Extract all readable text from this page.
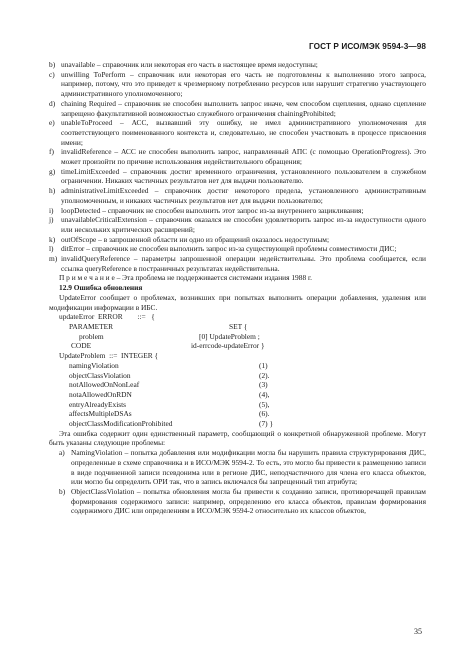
ГОСТ Р ИСО/МЭК 9594-3—98
b) unavailable – справочник или некоторая его часть в настоящее время недоступны;
c) unwilling ToPerform – справочник или некоторая его часть не подготовлены к выполнению этого запроса, например, потому, что это приведет к чрезмерному потреблению ресурсов или нарушит стратегию участвующего административного уполномоченного;
d) chaining Required – справочник не способен выполнить запрос иначе, чем способом сцепления, однако сцепление запрещено факультативной возможностью служебного ограничения chainingProhibited;
e) unableToProceed – АСС, вызвавший эту ошибку, не имел административного уполномочения для соответствующего поименованного контекста и, следовательно, не способен участвовать в процессе присвоения имени;
f) invalidReference – АСС не способен выполнить запрос, направленный АПС (с помощью OperationProgress). Это может произойти по причине использования недействительного обращения;
g) timeLimitExceeded – справочник достиг временного ограничения, установленного пользователем в служебном ограничении. Никаких частичных результатов нет для выдачи пользователю.
h) administrativeLimitExceeded – справочник достиг некоторого предела, установленного административным уполномоченным, и никаких частичных результатов нет для выдачи пользователю;
i)	loopDetected – справочник не способен выполнить этот запрос из-за внутреннего зацикливания;
j)	unavailableCriticalExtension – справочник оказался не способен удовлетворить запрос из-за недоступности одного или нескольких критических расширений;
k) outOfScope – в запрошенной области ни одно из обращений оказалось недоступным;
l)	ditError – справочник не способен выполнить запрос из-за существующей проблемы совместимости ДИС;
m) invalidQueryReference – параметры запрошенной операции недействительны. Это проблема сообщается, если ссылка queryReference в постраничных результатах недействительна.
П р и м е ч а н и е – Эта проблема не поддерживается системами издания 1988 г.
12.9 Ошибка обновления
UpdateError сообщает о проблемах, возникших при попытках выполнить операции добавления, удаления или модификации информации в ИБС.
updateError  ERROR        ::=   {
PARAMETER	SET {
problem	[0] UpdateProblem ;
CODE	id-errcode-updateError }
UpdateProblem  ::=  INTEGER {
namingViolation	(1)
objectClassViolation	(2).
notAllowedOnNonLeaf	(3)
notaAllowedOnRDN	(4),
entryAlreadyExists	(5),
affectsMultipleDSAs	(6).
objectClassModificationProhibited	(7) }
Эта ошибка содержит один единственный параметр, сообщающий о конкретной обнаруженной проблеме. Могут быть указаны следующие проблемы:
a) NamingViolation – попытка добавления или модификации могла бы нарушить правила структурирования ДИС, определенные в схеме справочника и в ИСО/МЭК 9594-2. То есть, это могло бы привести к размещению записи в виде подчиненной записи псевдонима или в регионе ДИС, неподчастичного для члена его класса объектов, или могло бы определить ОРИ так, что в запись включался бы запрещенный тип атрибута;
b) ObjectClassViolation – попытка обновления могла бы привести к созданию записи, противоречащей правилам формирования содержимого записи: например, определению его класса объектов, правилам формирования содержимого ДИС или определениям в ИСО/МЭК 9594-2 относительно их классов объектов,
35
